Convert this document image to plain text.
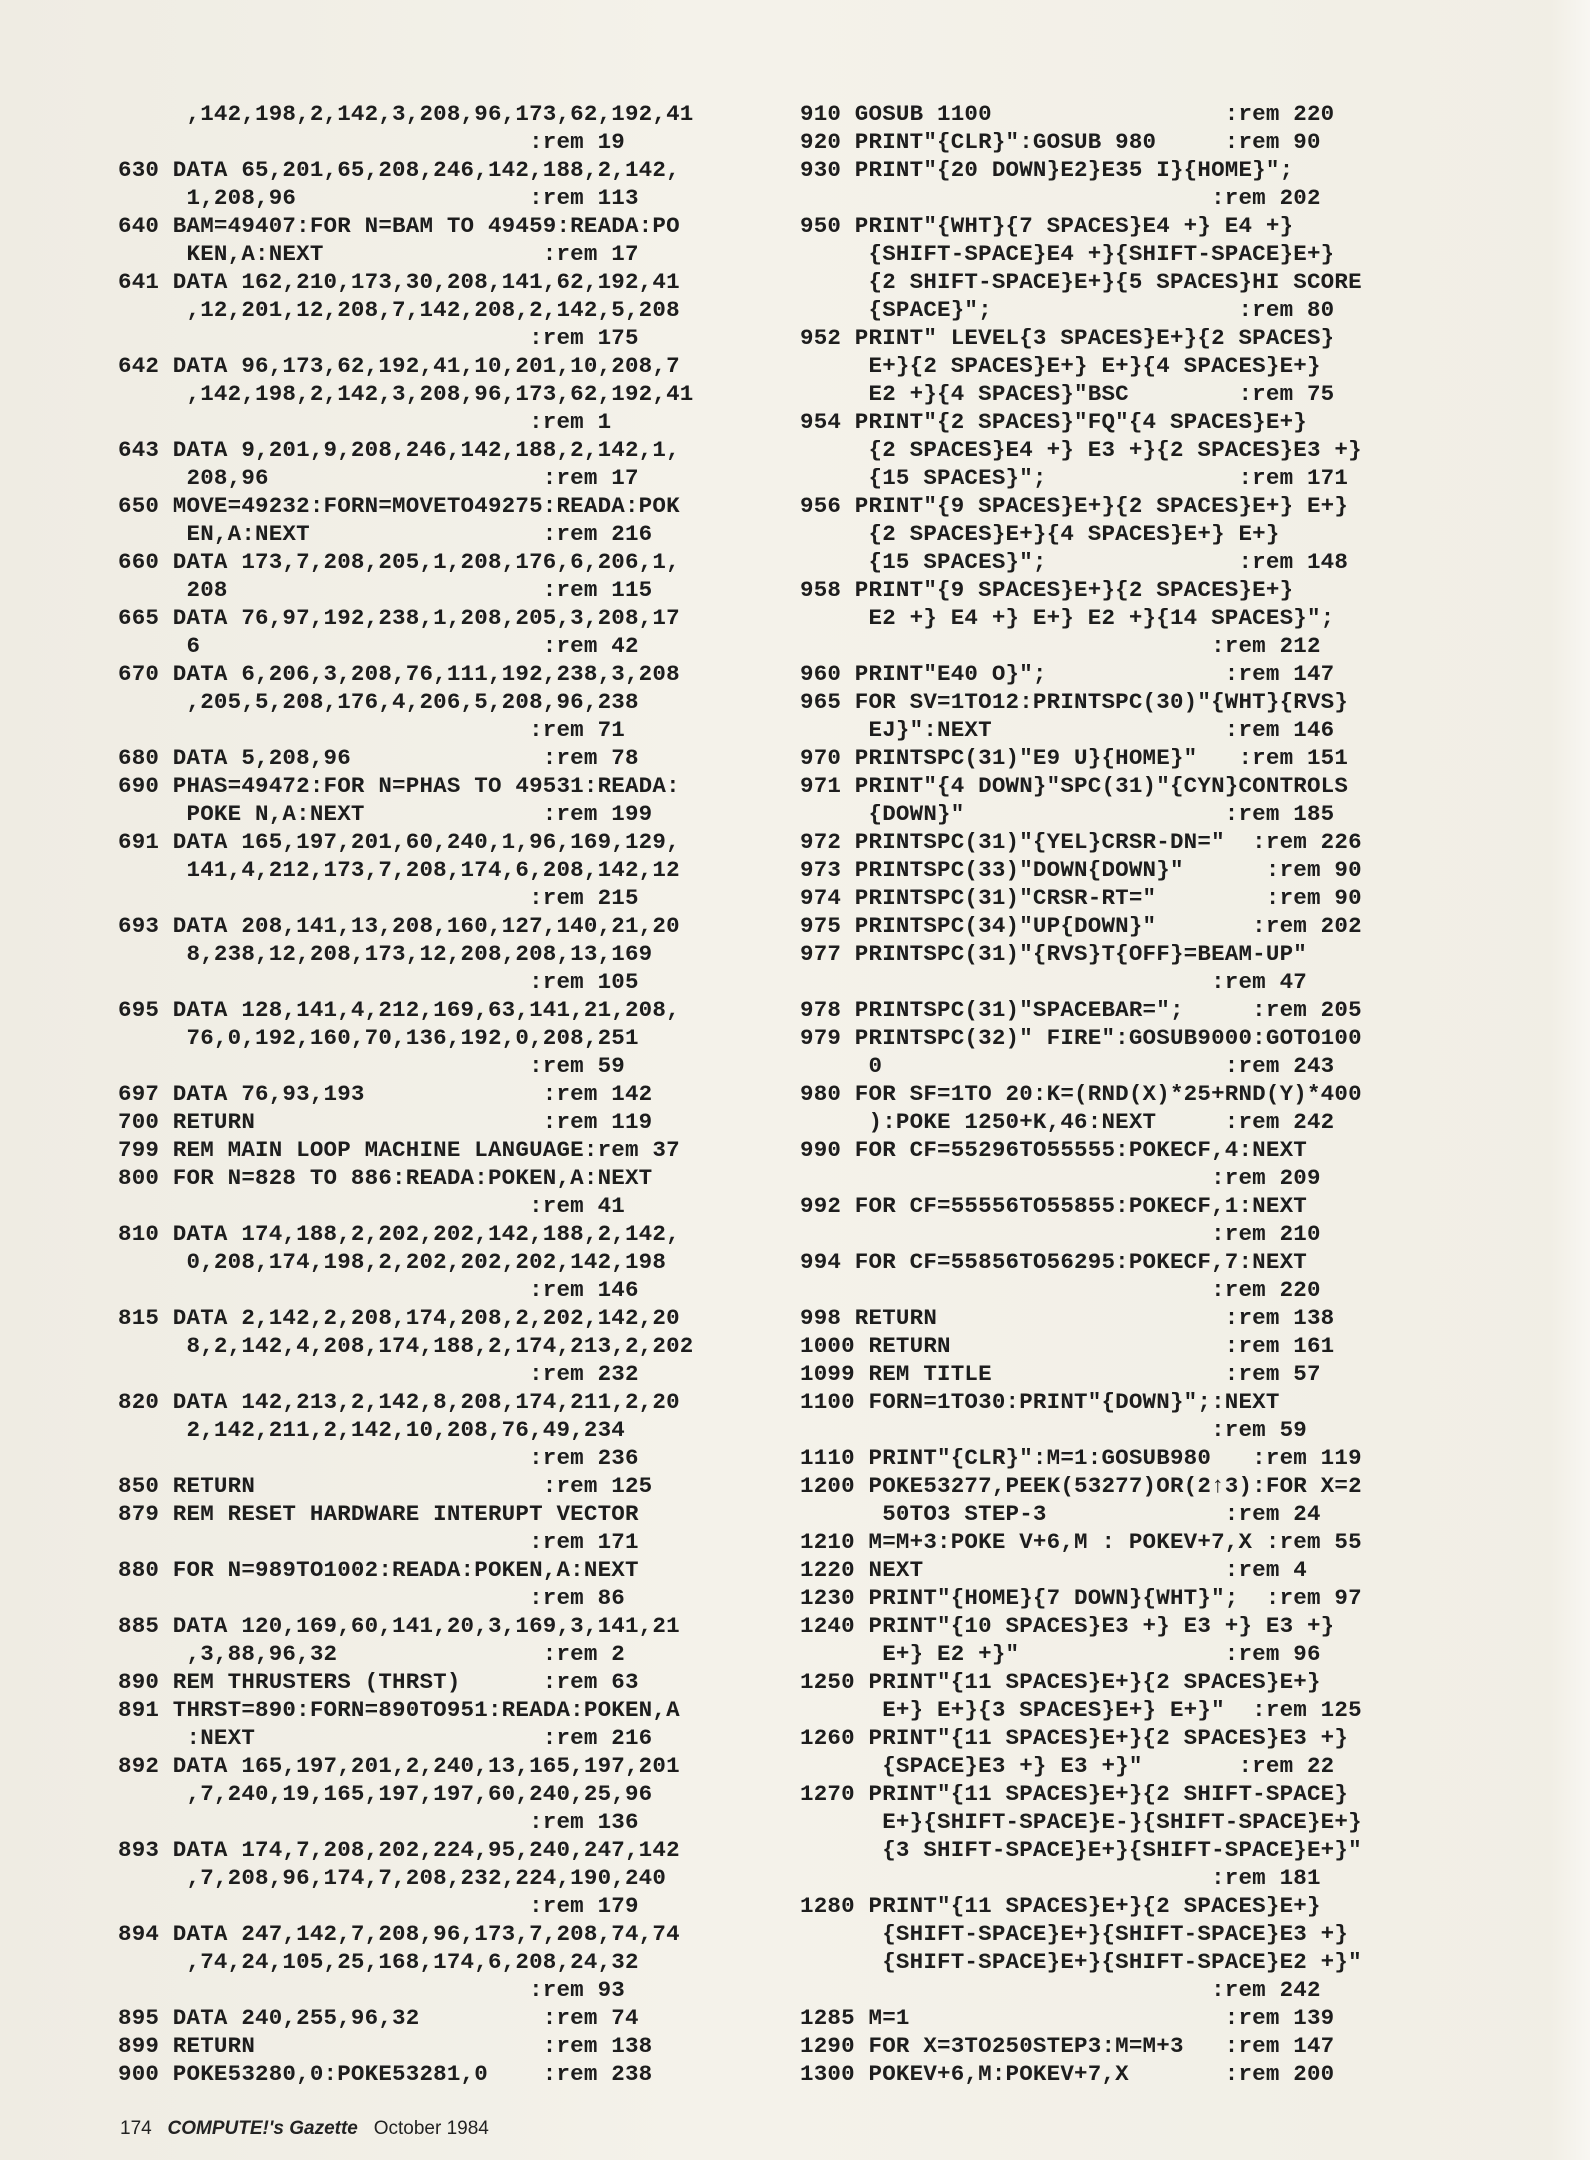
,142,198,2,142,3,208,96,173,62,192,41
:rem 19
630 DATA 65,201,65,208,246,142,188,2,142,
1,208,96                 :rem 113
640 BAM=49407:FOR N=BAM TO 49459:READA:PO
KEN,A:NEXT                :rem 17
641 DATA 162,210,173,30,208,141,62,192,41
,12,201,12,208,7,142,208,2,142,5,208
:rem 175
642 DATA 96,173,62,192,41,10,201,10,208,7
,142,198,2,142,3,208,96,173,62,192,41
:rem 1
643 DATA 9,201,9,208,246,142,188,2,142,1,
208,96                    :rem 17
650 MOVE=49232:FORN=MOVETO49275:READA:POK
EN,A:NEXT                 :rem 216
660 DATA 173,7,208,205,1,208,176,6,206,1,
208                       :rem 115
665 DATA 76,97,192,238,1,208,205,3,208,17
6                         :rem 42
670 DATA 6,206,3,208,76,111,192,238,3,208
,205,5,208,176,4,206,5,208,96,238
:rem 71
680 DATA 5,208,96              :rem 78
690 PHAS=49472:FOR N=PHAS TO 49531:READA:
POKE N,A:NEXT             :rem 199
691 DATA 165,197,201,60,240,1,96,169,129,
141,4,212,173,7,208,174,6,208,142,12
:rem 215
693 DATA 208,141,13,208,160,127,140,21,20
8,238,12,208,173,12,208,208,13,169
:rem 105
695 DATA 128,141,4,212,169,63,141,21,208,
76,0,192,160,70,136,192,0,208,251
:rem 59
697 DATA 76,93,193             :rem 142
700 RETURN                     :rem 119
799 REM MAIN LOOP MACHINE LANGUAGE:rem 37
800 FOR N=828 TO 886:READA:POKEN,A:NEXT
:rem 41
810 DATA 174,188,2,202,202,142,188,2,142,
0,208,174,198,2,202,202,202,142,198
:rem 146
815 DATA 2,142,2,208,174,208,2,202,142,20
8,2,142,4,208,174,188,2,174,213,2,202
:rem 232
820 DATA 142,213,2,142,8,208,174,211,2,20
2,142,211,2,142,10,208,76,49,234
:rem 236
850 RETURN                     :rem 125
879 REM RESET HARDWARE INTERUPT VECTOR
:rem 171
880 FOR N=989TO1002:READA:POKEN,A:NEXT
:rem 86
885 DATA 120,169,60,141,20,3,169,3,141,21
,3,88,96,32               :rem 2
890 REM THRUSTERS (THRST)      :rem 63
891 THRST=890:FORN=890TO951:READA:POKEN,A
:NEXT                     :rem 216
892 DATA 165,197,201,2,240,13,165,197,201
,7,240,19,165,197,197,60,240,25,96
:rem 136
893 DATA 174,7,208,202,224,95,240,247,142
,7,208,96,174,7,208,232,224,190,240
:rem 179
894 DATA 247,142,7,208,96,173,7,208,74,74
,74,24,105,25,168,174,6,208,24,32
:rem 93
895 DATA 240,255,96,32         :rem 74
899 RETURN                     :rem 138
900 POKE53280,0:POKE53281,0    :rem 238
910 GOSUB 1100                 :rem 220
920 PRINT"{CLR}":GOSUB 980     :rem 90
930 PRINT"{20 DOWN}E2}E35 I}{HOME}";
:rem 202
950 PRINT"{WHT}{7 SPACES}E4 +} E4 +}
{SHIFT-SPACE}E4 +}{SHIFT-SPACE}E+}
{2 SHIFT-SPACE}E+}{5 SPACES}HI SCORE
{SPACE}";                  :rem 80
952 PRINT" LEVEL{3 SPACES}E+}{2 SPACES}
E+}{2 SPACES}E+} E+}{4 SPACES}E+}
E2 +}{4 SPACES}"BSC        :rem 75
954 PRINT"{2 SPACES}"FQ"{4 SPACES}E+}
{2 SPACES}E4 +} E3 +}{2 SPACES}E3 +}
{15 SPACES}";              :rem 171
956 PRINT"{9 SPACES}E+}{2 SPACES}E+} E+}
{2 SPACES}E+}{4 SPACES}E+} E+}
{15 SPACES}";              :rem 148
958 PRINT"{9 SPACES}E+}{2 SPACES}E+}
E2 +} E4 +} E+} E2 +}{14 SPACES}";
:rem 212
960 PRINT"E40 O}";             :rem 147
965 FOR SV=1TO12:PRINTSPC(30)"{WHT}{RVS}
EJ}":NEXT                 :rem 146
970 PRINTSPC(31)"E9 U}{HOME}"   :rem 151
971 PRINT"{4 DOWN}"SPC(31)"{CYN}CONTROLS
{DOWN}"                   :rem 185
972 PRINTSPC(31)"{YEL}CRSR-DN="  :rem 226
973 PRINTSPC(33)"DOWN{DOWN}"      :rem 90
974 PRINTSPC(31)"CRSR-RT="        :rem 90
975 PRINTSPC(34)"UP{DOWN}"       :rem 202
977 PRINTSPC(31)"{RVS}T{OFF}=BEAM-UP"
:rem 47
978 PRINTSPC(31)"SPACEBAR=";     :rem 205
979 PRINTSPC(32)" FIRE":GOSUB9000:GOTO100
0                         :rem 243
980 FOR SF=1TO 20:K=(RND(X)*25+RND(Y)*400
):POKE 1250+K,46:NEXT     :rem 242
990 FOR CF=55296TO55555:POKECF,4:NEXT
:rem 209
992 FOR CF=55556TO55855:POKECF,1:NEXT
:rem 210
994 FOR CF=55856TO56295:POKECF,7:NEXT
:rem 220
998 RETURN                     :rem 138
1000 RETURN                    :rem 161
1099 REM TITLE                 :rem 57
1100 FORN=1TO30:PRINT"{DOWN}";:NEXT
:rem 59
1110 PRINT"{CLR}":M=1:GOSUB980   :rem 119
1200 POKE53277,PEEK(53277)OR(2↑3):FOR X=2
50TO3 STEP-3             :rem 24
1210 M=M+3:POKE V+6,M : POKEV+7,X :rem 55
1220 NEXT                      :rem 4
1230 PRINT"{HOME}{7 DOWN}{WHT}";  :rem 97
1240 PRINT"{10 SPACES}E3 +} E3 +} E3 +}
E+} E2 +}"               :rem 96
1250 PRINT"{11 SPACES}E+}{2 SPACES}E+}
E+} E+}{3 SPACES}E+} E+}"  :rem 125
1260 PRINT"{11 SPACES}E+}{2 SPACES}E3 +}
{SPACE}E3 +} E3 +}"       :rem 22
1270 PRINT"{11 SPACES}E+}{2 SHIFT-SPACE}
E+}{SHIFT-SPACE}E-}{SHIFT-SPACE}E+}
{3 SHIFT-SPACE}E+}{SHIFT-SPACE}E+}"
:rem 181
1280 PRINT"{11 SPACES}E+}{2 SPACES}E+}
{SHIFT-SPACE}E+}{SHIFT-SPACE}E3 +}
{SHIFT-SPACE}E+}{SHIFT-SPACE}E2 +}"
:rem 242
1285 M=1                       :rem 139
1290 FOR X=3TO250STEP3:M=M+3   :rem 147
1300 POKEV+6,M:POKEV+7,X       :rem 200
174 COMPUTE!'s Gazette October 1984
